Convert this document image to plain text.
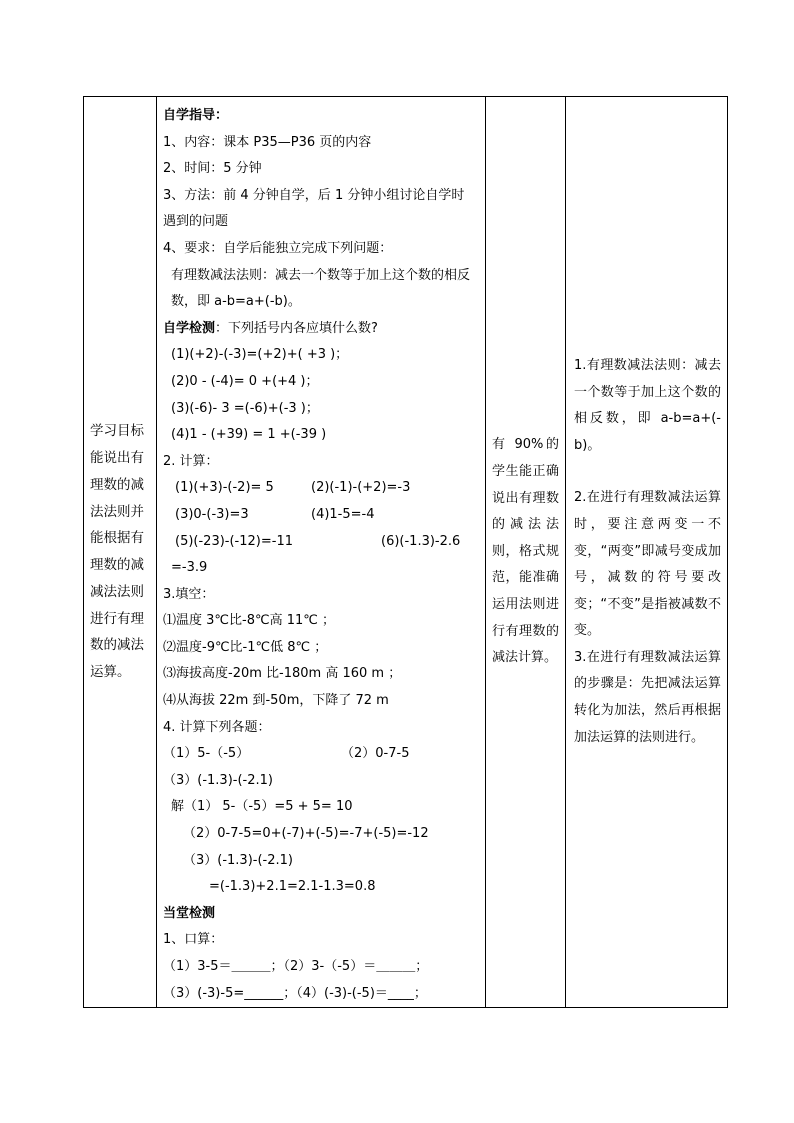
学习目标能说出有理数的减法法则并能根据有理数的减减法法则进行有理数的减法运算。

自学指导：
1、内容：课本 P35—P36 页的内容
2、时间：5 分钟
3、方法：前 4 分钟自学，后 1 分钟小组讨论自学时遇到的问题
4、要求：自学后能独立完成下列问题：
有理数减法法则：减去一个数等于加上这个数的相反数，即 a-b=a+(-b)。
自学检测：下列括号内各应填什么数?
(1)(+2)-(-3)=(+2)+( +3 )；
(2)0 - (-4)= 0 +(+4 )；
(3)(-6)- 3 =(-6)+(-3 )；
(4)1 - (+39) = 1 +(-39 )
2. 计算：
(1)(+3)-(-2)= 5	(2)(-1)-(+2)=-3
(3)0-(-3)=3	(4)1-5=-4
(5)(-23)-(-12)=-11	(6)(-1.3)-2.6
=-3.9
3.填空：
⑴温度 3℃比-8℃高 11℃ ；
⑵温度-9℃比-1℃低 8℃ ；
⑶海拔高度-20m 比-180m 高 160 m ；
⑷从海拔 22m 到-50m，下降了 72 m
4. 计算下列各题：
（1）5-（-5）	（2）0-7-5
（3）(-1.3)-(-2.1)
解（1） 5-（-5）=5 + 5= 10
（2）0-7-5=0+(-7)+(-5)=-7+(-5)=-12
（3）(-1.3)-(-2.1)
=(-1.3)+2.1=2.1-1.3=0.8
当堂检测
1、口算：
（1）3-5＝＿＿＿；（2）3-（-5）＝＿＿＿；
（3）(-3)-5=______；（4）(-3)-(-5)＝____；

有 90%的学生能正确说出有理数的减法法则，格式规范，能准确运用法则进行有理数的减法计算。

1.有理数减法法则：减去一个数等于加上这个数的相反数，即 a-b=a+(-b)。
2.在进行有理数减法运算时，要注意两变一不变，“两变”即减号变成加号，减数的符号要改变；“不变”是指被减数不变。
3.在进行有理数减法运算的步骤是：先把减法运算转化为加法，然后再根据加法运算的法则进行。
